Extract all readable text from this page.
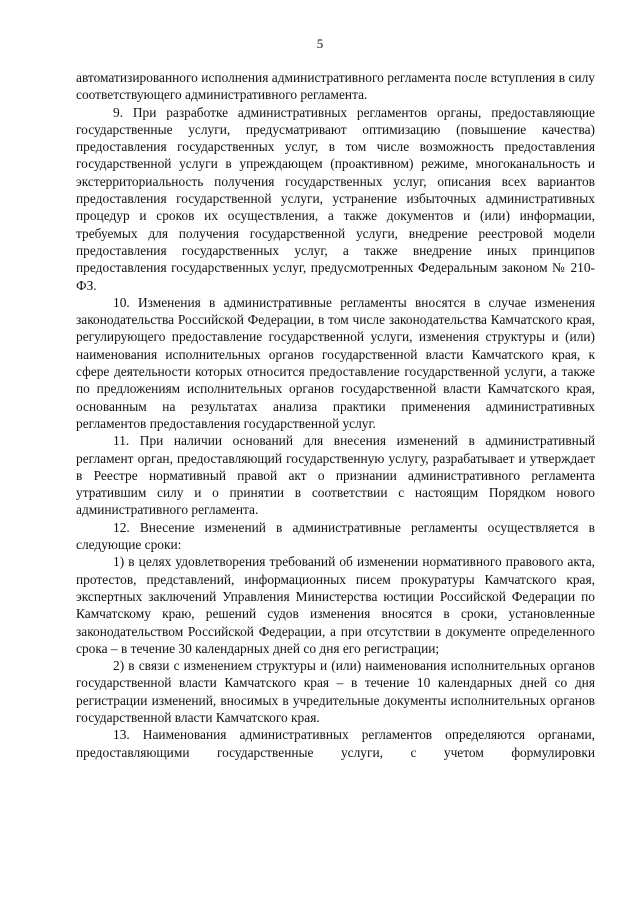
5

автоматизированного исполнения административного регламента после вступления в силу соответствующего административного регламента.

9. При разработке административных регламентов органы, предоставляющие государственные услуги, предусматривают оптимизацию (повышение качества) предоставления государственных услуг, в том числе возможность предоставления государственной услуги в упреждающем (проактивном) режиме, многоканальность и экстерриториальность получения государственных услуг, описания всех вариантов предоставления государственной услуги, устранение избыточных административных процедур и сроков их осуществления, а также документов и (или) информации, требуемых для получения государственной услуги, внедрение реестровой модели предоставления государственных услуг, а также внедрение иных принципов предоставления государственных услуг, предусмотренных Федеральным законом № 210-ФЗ.

10. Изменения в административные регламенты вносятся в случае изменения законодательства Российской Федерации, в том числе законодательства Камчатского края, регулирующего предоставление государственной услуги, изменения структуры и (или) наименования исполнительных органов государственной власти Камчатского края, к сфере деятельности которых относится предоставление государственной услуги, а также по предложениям исполнительных органов государственной власти Камчатского края, основанным на результатах анализа практики применения административных регламентов предоставления государственной услуг.

11. При наличии оснований для внесения изменений в административный регламент орган, предоставляющий государственную услугу, разрабатывает и утверждает в Реестре нормативный правой акт о признании административного регламента утратившим силу и о принятии в соответствии с настоящим Порядком нового административного регламента.

12. Внесение изменений в административные регламенты осуществляется в следующие сроки:

1) в целях удовлетворения требований об изменении нормативного правового акта, протестов, представлений, информационных писем прокуратуры Камчатского края, экспертных заключений Управления Министерства юстиции Российской Федерации по Камчатскому краю, решений судов изменения вносятся в сроки, установленные законодательством Российской Федерации, а при отсутствии в документе определенного срока – в течение 30 календарных дней со дня его регистрации;

2) в связи с изменением структуры и (или) наименования исполнительных органов государственной власти Камчатского края – в течение 10 календарных дней со дня регистрации изменений, вносимых в учредительные документы исполнительных органов государственной власти Камчатского края.

13. Наименования административных регламентов определяются органами, предоставляющими государственные услуги, с учетом формулировки
